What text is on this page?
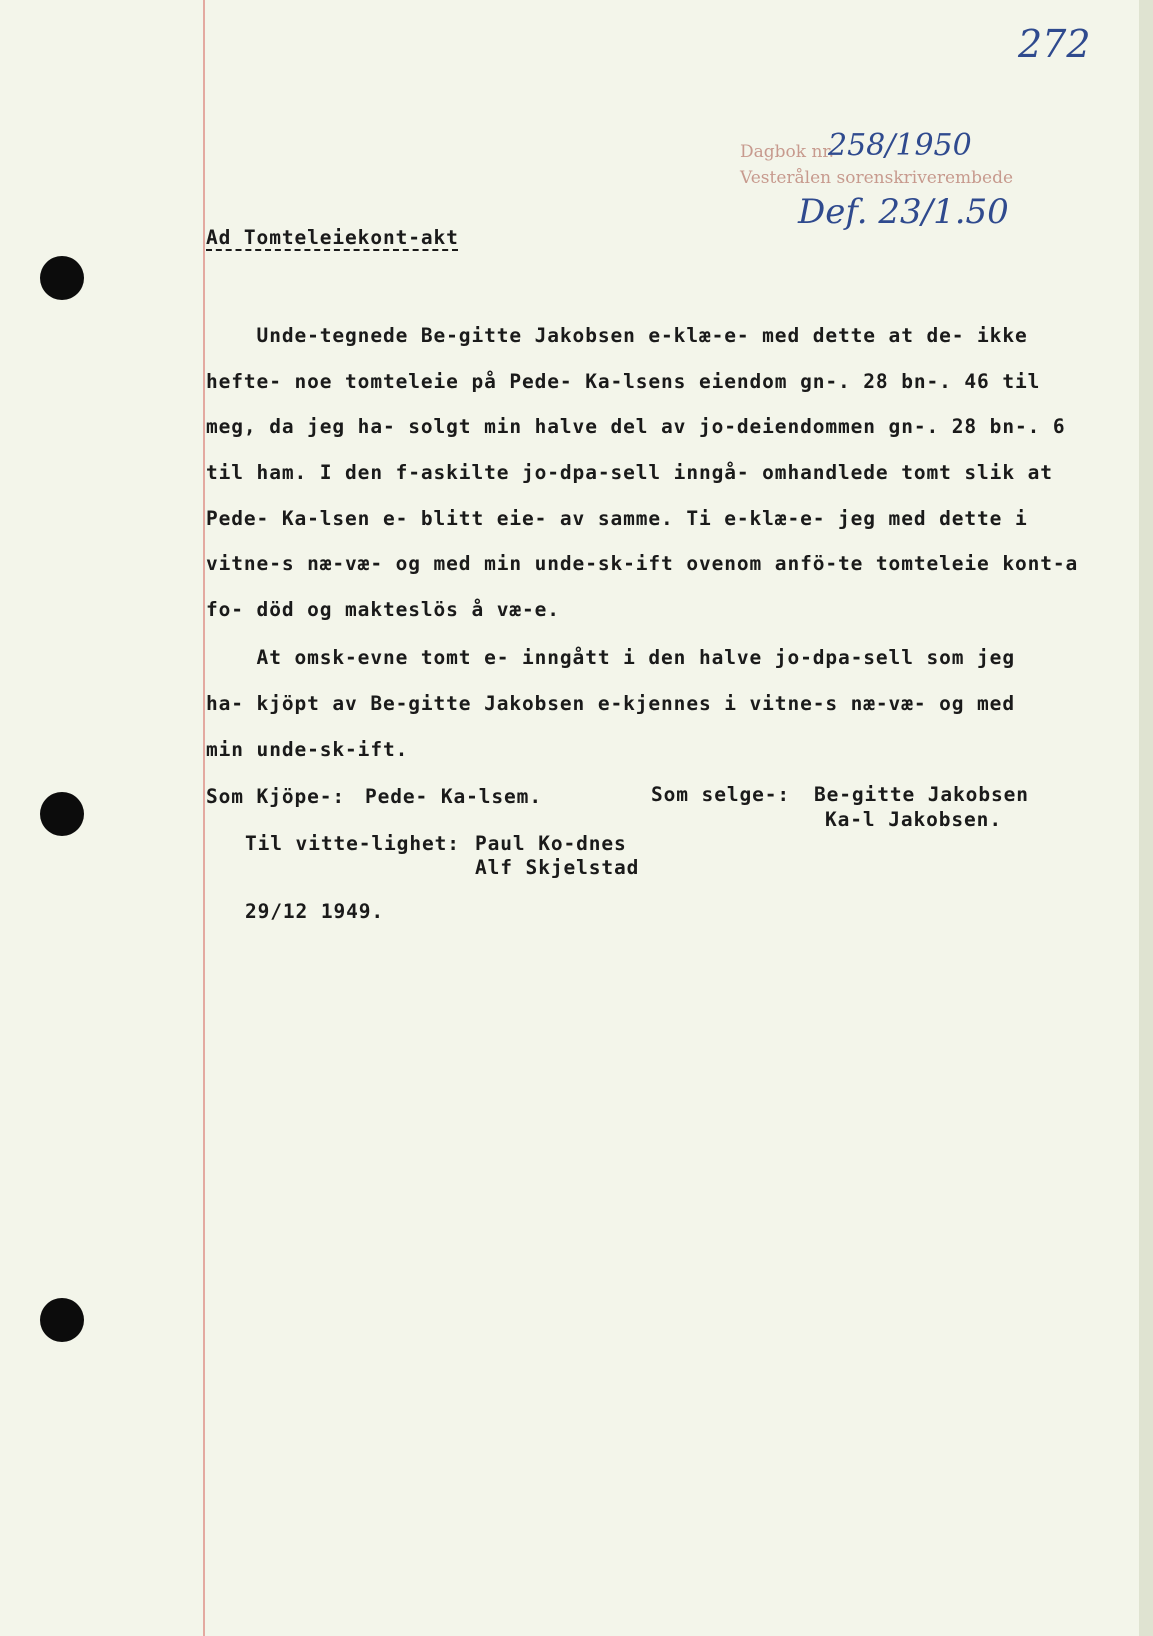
272
Dagbok nr.
258/1950
Vesterålen sorenskriverembede
Def. 23/1.50
Ad Tomteleiekont-akt
Unde-tegnede Be-gitte Jakobsen e-klæ-e- med dette at de- ikke
hefte- noe tomteleie på Pede- Ka-lsens eiendom gn-. 28 bn-. 46 til
meg, da jeg ha- solgt min halve del av jo-deiendommen gn-. 28 bn-. 6
til ham. I den f-askilte jo-dpa-sell inngå- omhandlede tomt slik at
Pede- Ka-lsen e- blitt eie- av samme. Ti e-klæ-e- jeg med dette i
vitne-s næ-væ- og med min unde-sk-ift ovenom anfö-te tomteleie kont-a
fo- död og makteslös å væ-e.
At omsk-evne tomt e- inngått i den halve jo-dpa-sell som jeg
ha- kjöpt av Be-gitte Jakobsen e-kjennes i vitne-s næ-væ- og med
min unde-sk-ift.
Som Kjöpe-: Pede- Ka-lsem.	Som selge-: Be-gitte Jakobsen
Ka-l Jakobsen.
Til vitte-lighet: Paul Ko-dnes
Alf Skjelstad
29/12 1949.
